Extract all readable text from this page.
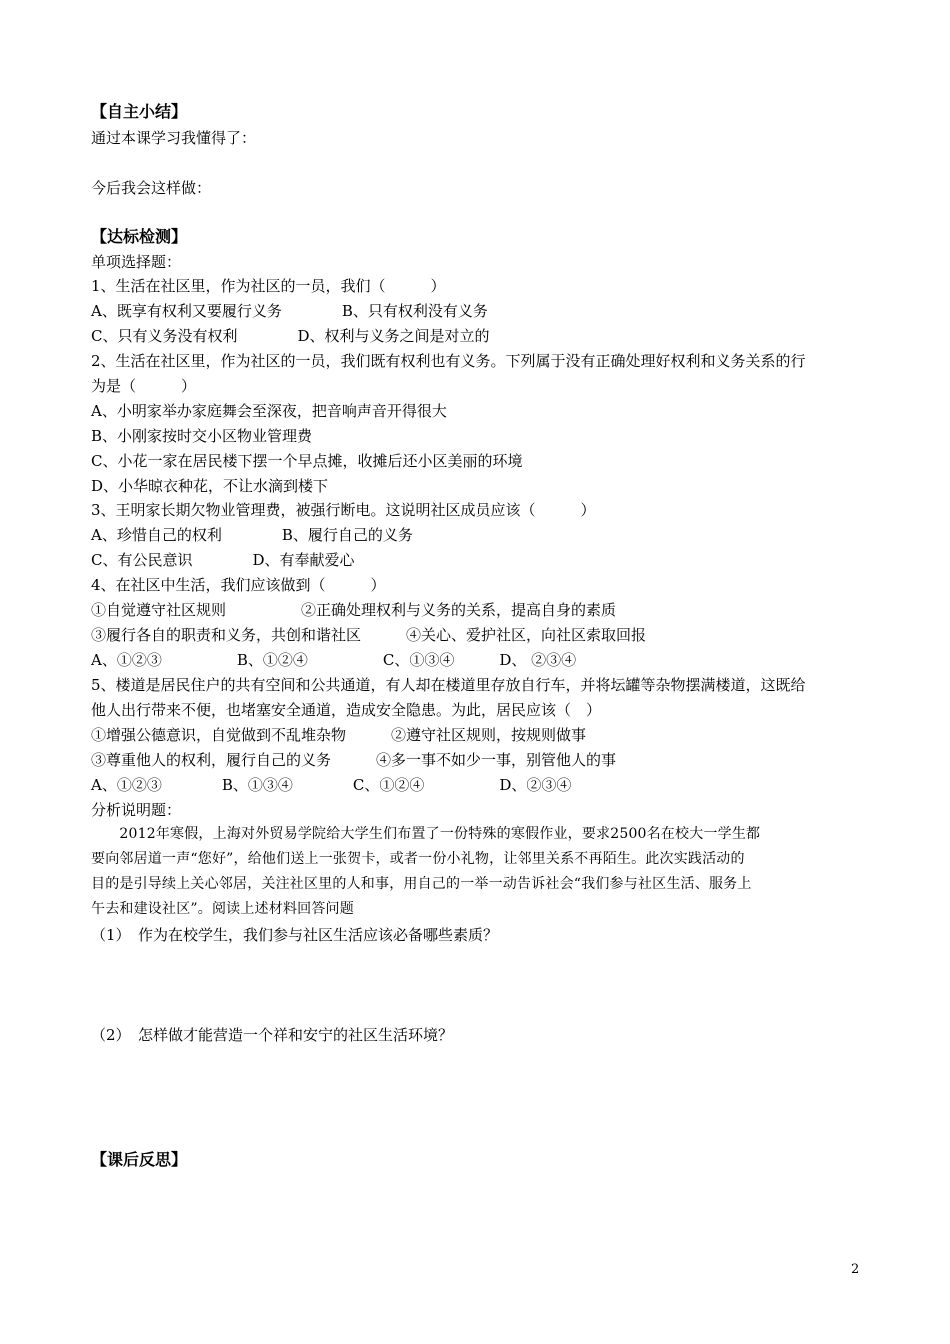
【自主小结】
通过本课学习我懂得了：
今后我会这样做：
【达标检测】
单项选择题：
1、生活在社区里，作为社区的一员，我们（　　　）
A、既享有权利又要履行义务　　　　B、只有权利没有义务
C、只有义务没有权利　　　　D、权利与义务之间是对立的
2、生活在社区里，作为社区的一员，我们既有权利也有义务。下列属于没有正确处理好权利和义务关系的行
为是（　　　）
A、小明家举办家庭舞会至深夜，把音响声音开得很大
B、小刚家按时交小区物业管理费
C、小花一家在居民楼下摆一个早点摊，收摊后还小区美丽的环境
D、小华晾衣种花，不让水滴到楼下
3、王明家长期欠物业管理费，被强行断电。这说明社区成员应该（　　　）
A、珍惜自己的权利　　　　B、履行自己的义务
C、有公民意识　　　　D、有奉献爱心
4、在社区中生活，我们应该做到（　　　）
①自觉遵守社区规则　　　　　②正确处理权利与义务的关系，提高自身的素质
③履行各自的职责和义务，共创和谐社区　　　④关心、爱护社区，向社区索取回报
A、①②③　　　　　B、①②④　　　　　C、①③④　　　D、 ②③④
5、楼道是居民住户的共有空间和公共通道，有人却在楼道里存放自行车，并将坛罐等杂物摆满楼道，这既给
他人出行带来不便，也堵塞安全通道，造成安全隐患。为此，居民应该（　）
①增强公德意识，自觉做到不乱堆杂物　　　②遵守社区规则，按规则做事
③尊重他人的权利，履行自己的义务　　　④多一事不如少一事，别管他人的事
A、①②③　　　　B、①③④　　　　C、①②④　　　　　D、②③④
分析说明题：
　　2012年寒假，上海对外贸易学院给大学生们布置了一份特殊的寒假作业，要求2500名在校大一学生都
要向邻居道一声“您好”，给他们送上一张贺卡，或者一份小礼物，让邻里关系不再陌生。此次实践活动的
目的是引导续上关心邻居，关注社区里的人和事，用自己的一举一动告诉社会“我们参与社区生活、服务上
午去和建设社区”。阅读上述材料回答问题
（1）　作为在校学生，我们参与社区生活应该必备哪些素质？
（2）　怎样做才能营造一个祥和安宁的社区生活环境？
【课后反思】
2
